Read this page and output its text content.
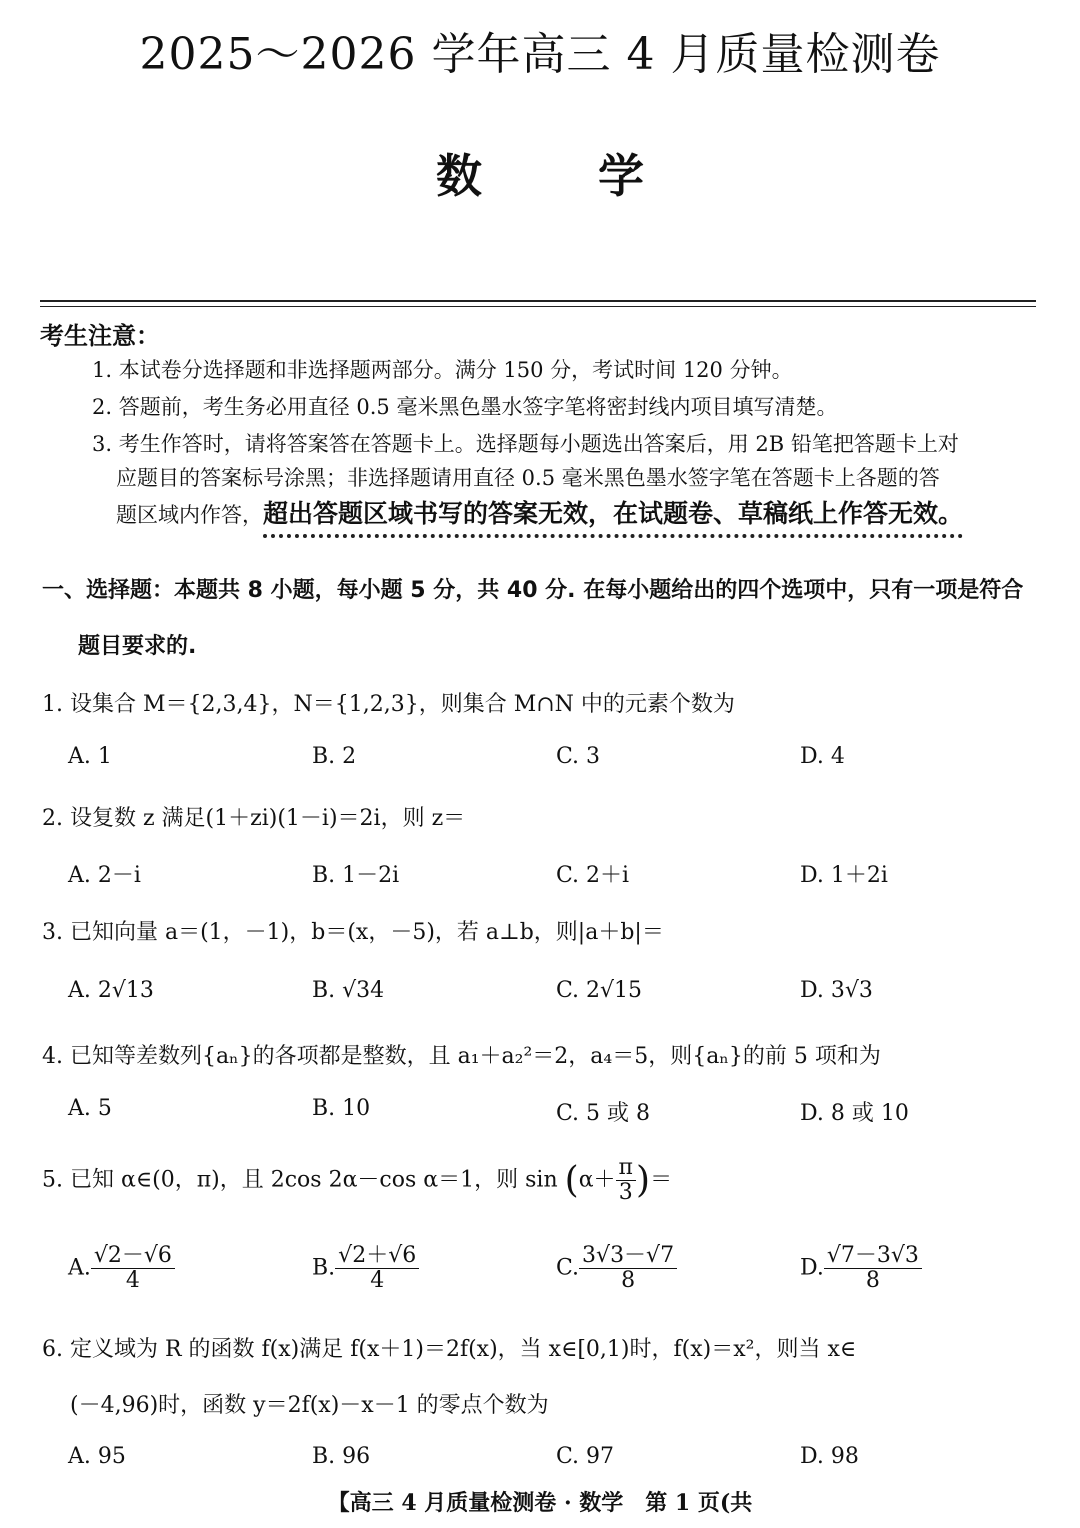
2025～2026 学年高三 4 月质量检测卷
数	学
考生注意：
1. 本试卷分选择题和非选择题两部分。满分 150 分，考试时间 120 分钟。
2. 答题前，考生务必用直径 0.5 毫米黑色墨水签字笔将密封线内项目填写清楚。
3. 考生作答时，请将答案答在答题卡上。选择题每小题选出答案后，用 2B 铅笔把答题卡上对
应题目的答案标号涂黑；非选择题请用直径 0.5 毫米黑色墨水签字笔在答题卡上各题的答
题区域内作答，超出答题区域书写的答案无效，在试题卷、草稿纸上作答无效。
一、选择题：本题共 8 小题，每小题 5 分，共 40 分. 在每小题给出的四个选项中，只有一项是符合
题目要求的.
1. 设集合 M＝{2,3,4}，N＝{1,2,3}，则集合 M∩N 中的元素个数为
A. 1	B. 2	C. 3	D. 4
2. 设复数 z 满足(1＋zi)(1－i)＝2i，则 z＝
A. 2－i	B. 1－2i	C. 2＋i	D. 1＋2i
3. 已知向量 a＝(1，－1)，b＝(x，－5)，若 a⊥b，则|a＋b|＝
A. 2√13	B. √34	C. 2√15	D. 3√3
4. 已知等差数列{aₙ}的各项都是整数，且 a₁＋a₂²＝2，a₄＝5，则{aₙ}的前 5 项和为
A. 5	B. 10	C. 5 或 8	D. 8 或 10
5. 已知 α∈(0，π)，且 2cos 2α－cos α＝1，则 $\sin (\alpha+ \frac{\pi}{3}$ )＝
A. $\frac{√2-√6}{4}$	B. $\frac{√2+√6}{4}$	C. $\frac{3√3-√7}{8}$	D. $\frac{√7-3√3}{8}$
6. 定义域为 R 的函数 f(x)满足 f(x＋1)＝2f(x)，当 x∈[0,1)时，f(x)＝x²，则当 x∈
(－4,96)时，函数 y＝2f(x)－x－1 的零点个数为
A. 95	B. 96	C. 97	D. 98
【高三 4 月质量检测卷 · 数学　第 1 页(共
